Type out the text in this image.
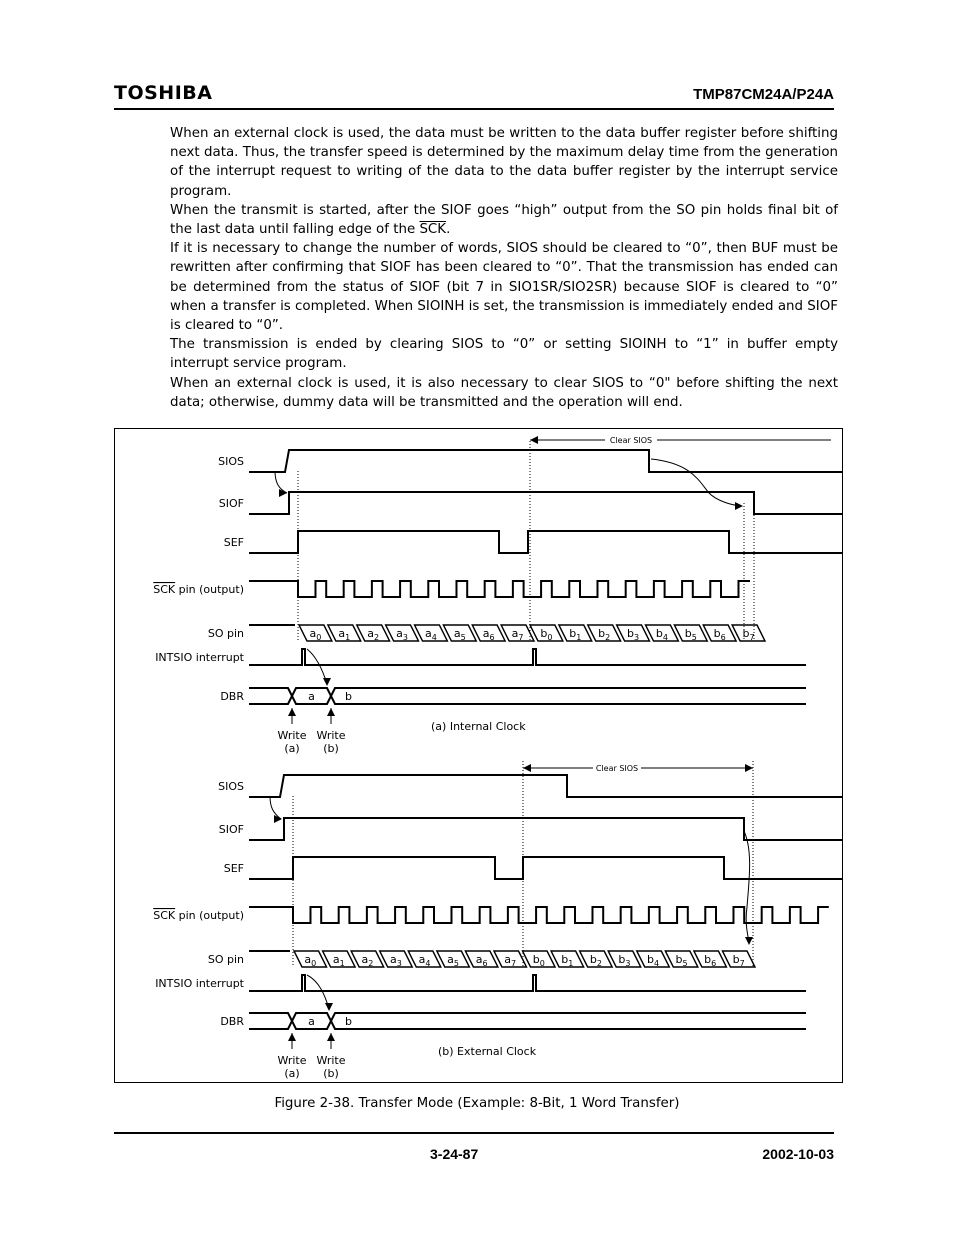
TOSHIBA	TMP87CM24A/P24A

When an external clock is used, the data must be written to the data buffer register before shifting next data. Thus, the transfer speed is determined by the maximum delay time from the generation of the interrupt request to writing of the data to the data buffer register by the interrupt service program.

When the transmit is started, after the SIOF goes “high” output from the SO pin holds final bit of the last data until falling edge of the $\overline{SCK}$.

If it is necessary to change the number of words, SIOS should be cleared to “0”, then BUF must be rewritten after confirming that SIOF has been cleared to “0”. That the transmission has ended can be determined from the status of SIOF (bit 7 in SIO1SR/SIO2SR) because SIOF is cleared to “0” when a transfer is completed. When SIOINH is set, the transmission is immediately ended and SIOF is cleared to “0”.

The transmission is ended by clearing SIOS to “0” or setting SIOINH to “1” in buffer empty interrupt service program.

When an external clock is used, it is also necessary to clear SIOS to “0" before shifting the next data; otherwise, dummy data will be transmitted and the operation will end.

SIOS
SIOF
SEF
SCK pin (output)
SO pin
INTSIO interrupt
DBR
$a_0$ $a_1$ $a_2$ $a_3$ $a_4$ $a_5$ $a_6$ $a_7$ $b_0$ $b_1$ $b_2$ $b_3$ $b_4$ $b_5$ $b_6$ $b_7$
a	b
Write
(a)
Write
(b)
(a) Internal Clock
Clear SIOS
SIOS
SIOF
SEF
SCK pin (output)
SO pin
INTSIO interrupt
DBR
$a_0$ $a_1$ $a_2$ $a_3$ $a_4$ $a_5$ $a_6$ $a_7$ $b_0$ $b_1$ $b_2$ $b_3$ $b_4$ $b_5$ $b_6$ $b_7$
a	b
Write
(a)
Write
(b)
(b) External Clock
Clear SIOS
Figure 2-38. Transfer Mode (Example: 8-Bit, 1 Word Transfer)
3-24-87	2002-10-03
